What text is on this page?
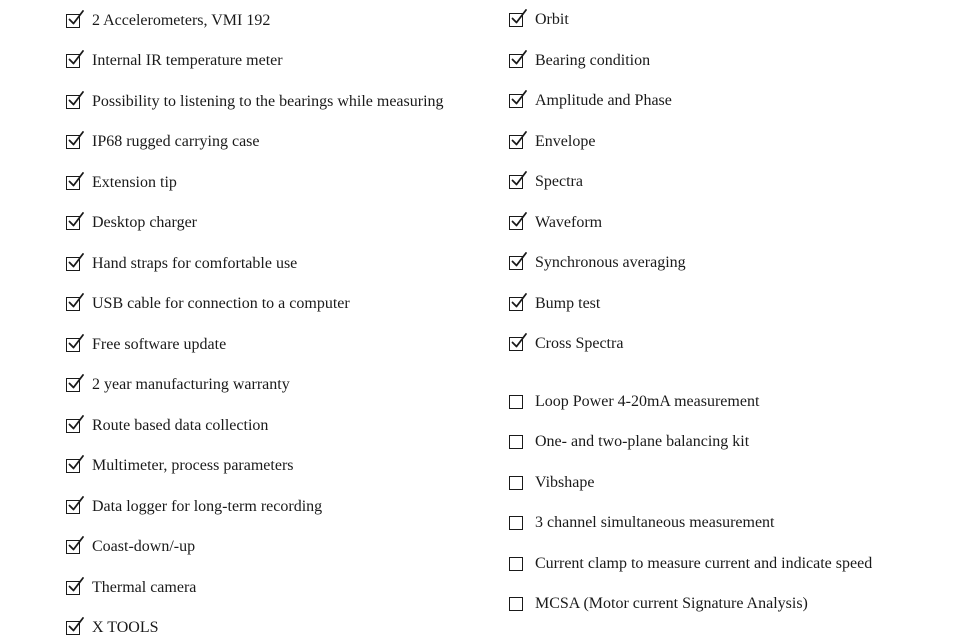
2 Accelerometers, VMI 192
Internal IR temperature meter
Possibility to listening to the bearings while measuring
IP68 rugged carrying case
Extension tip
Desktop charger
Hand straps for comfortable use
USB cable for connection to a computer
Free software update
2 year manufacturing warranty
Route based data collection
Multimeter, process parameters
Data logger for long-term recording
Coast-down/-up
Thermal camera
X TOOLS
Orbit
Bearing condition
Amplitude and Phase
Envelope
Spectra
Waveform
Synchronous averaging
Bump test
Cross Spectra
Loop Power 4-20mA measurement
One- and two-plane balancing kit
Vibshape
3 channel simultaneous measurement
Current clamp to measure current and indicate speed
MCSA (Motor current Signature Analysis)
